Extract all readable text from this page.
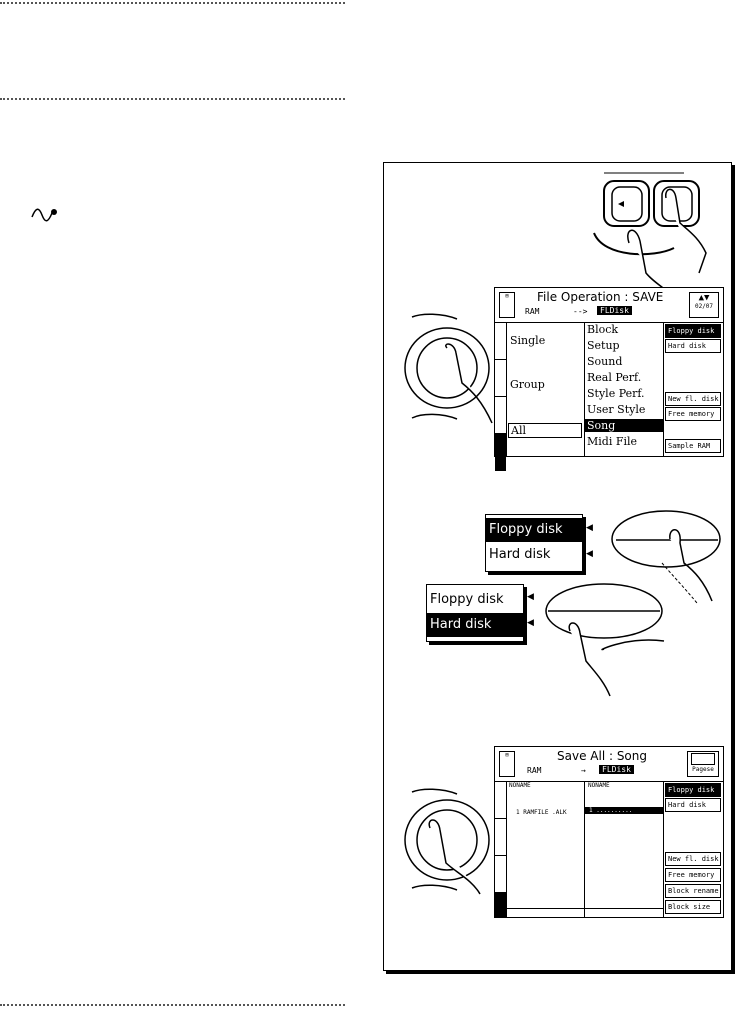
▤	File Operation : SAVE
RAM	-->	FLDisk
▲▼
02/07
Single
Group
All
Block
Setup
Sound
Real Perf.
Style Perf.
User Style
Song
Midi File
Floppy disk
Hard disk
New fl. disk
Free memory
Sample RAM
Floppy disk
Hard disk
◀
◀
Floppy disk
Hard disk
◀
◀
▤	Save All : Song
RAM	→	FLDisk
	Pagese
NONAME
1 RAMFILE .ALK
NONAME
1 ..........
Floppy disk
Hard disk
New fl. disk
Free memory
Block rename
Block size
